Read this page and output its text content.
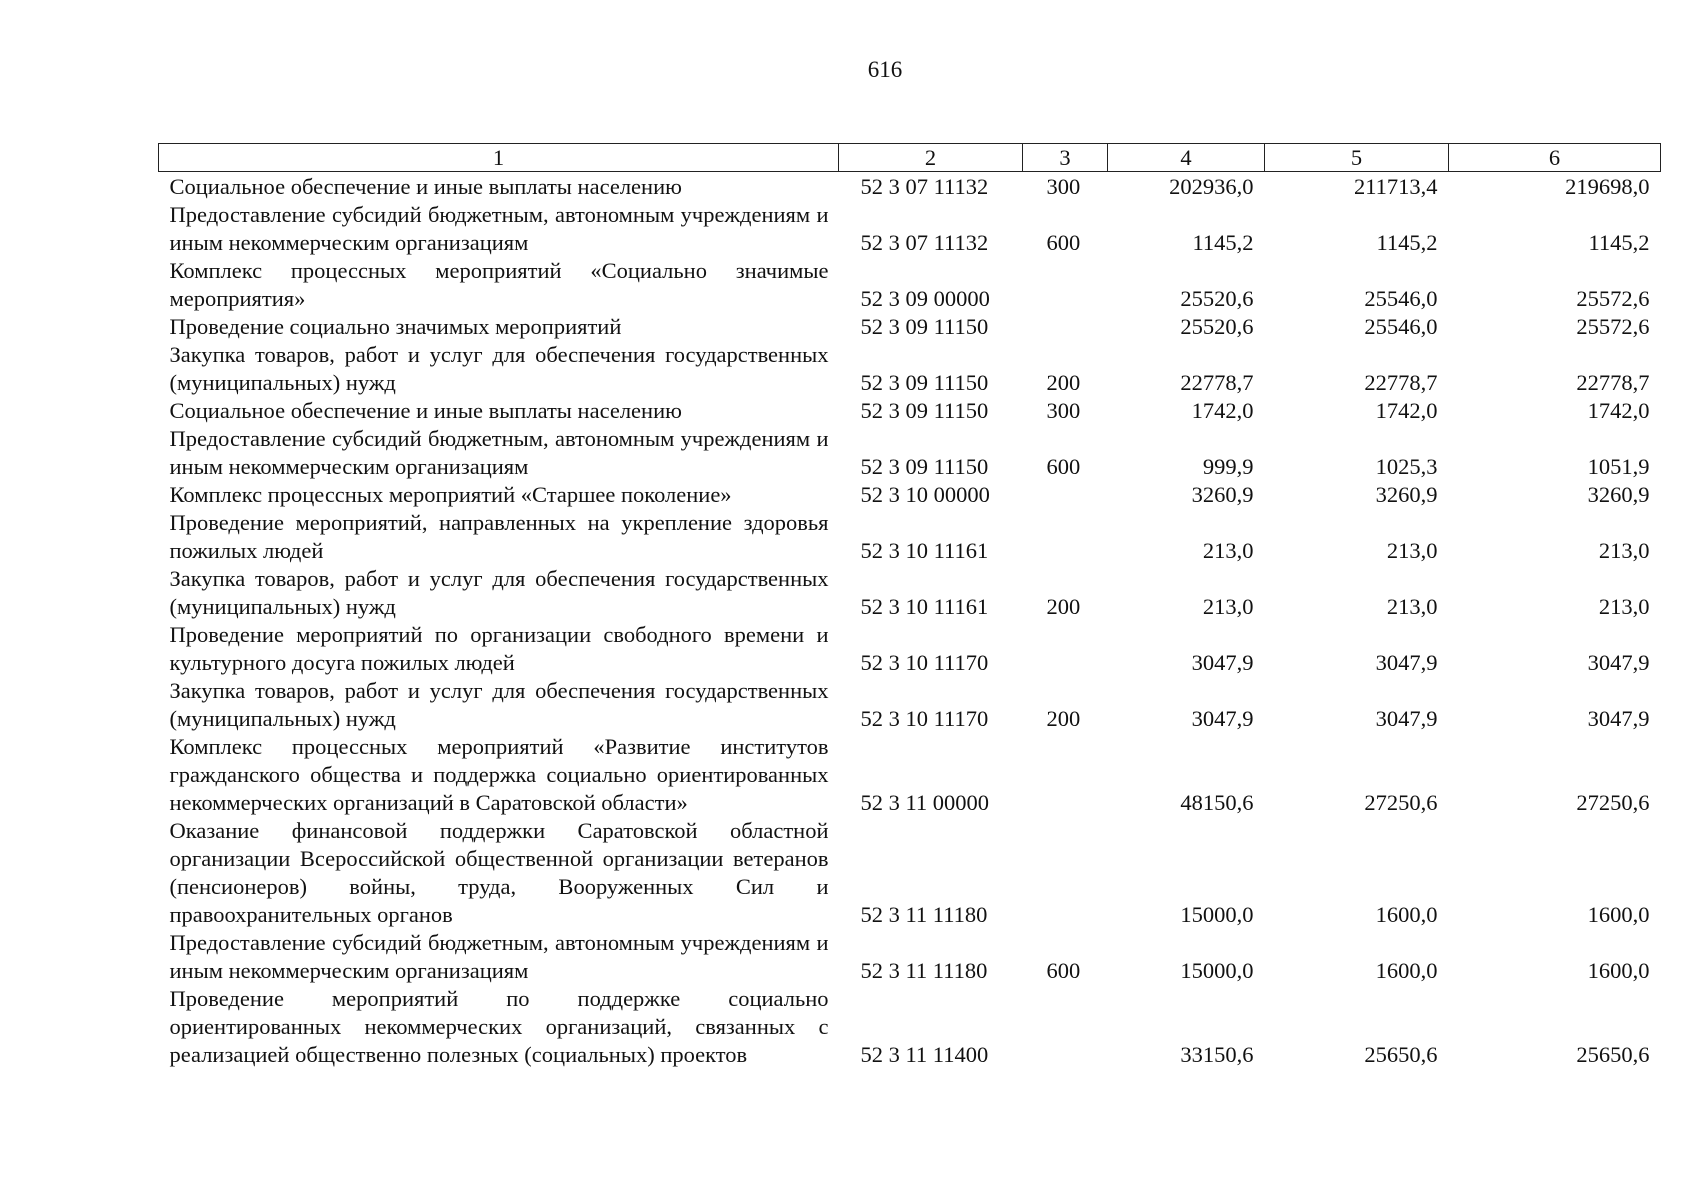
616
1	2	3	4	5	6
Социальное обеспечение и иные выплаты населению	52 3 07 11132	300	202936,0	211713,4	219698,0
Предоставление субсидий бюджетным, автономным учреждениям и иным некоммерческим организациям	52 3 07 11132	600	1145,2	1145,2	1145,2
Комплекс процессных мероприятий «Социально значимые мероприятия»	52 3 09 00000		25520,6	25546,0	25572,6
Проведение социально значимых мероприятий	52 3 09 11150		25520,6	25546,0	25572,6
Закупка товаров, работ и услуг для обеспечения государственных (муниципальных) нужд	52 3 09 11150	200	22778,7	22778,7	22778,7
Социальное обеспечение и иные выплаты населению	52 3 09 11150	300	1742,0	1742,0	1742,0
Предоставление субсидий бюджетным, автономным учреждениям и иным некоммерческим организациям	52 3 09 11150	600	999,9	1025,3	1051,9
Комплекс процессных мероприятий «Старшее поколение»	52 3 10 00000		3260,9	3260,9	3260,9
Проведение мероприятий, направленных на укрепление здоровья пожилых людей	52 3 10 11161		213,0	213,0	213,0
Закупка товаров, работ и услуг для обеспечения государственных (муниципальных) нужд	52 3 10 11161	200	213,0	213,0	213,0
Проведение мероприятий по организации свободного времени и культурного досуга пожилых людей	52 3 10 11170		3047,9	3047,9	3047,9
Закупка товаров, работ и услуг для обеспечения государственных (муниципальных) нужд	52 3 10 11170	200	3047,9	3047,9	3047,9
Комплекс процессных мероприятий «Развитие институтов гражданского общества и поддержка социально ориентированных некоммерческих организаций в Саратовской области»	52 3 11 00000		48150,6	27250,6	27250,6
Оказание финансовой поддержки Саратовской областной организации Всероссийской общественной организации ветеранов (пенсионеров) войны, труда, Вооруженных Сил и правоохранительных органов	52 3 11 11180		15000,0	1600,0	1600,0
Предоставление субсидий бюджетным, автономным учреждениям и иным некоммерческим организациям	52 3 11 11180	600	15000,0	1600,0	1600,0
Проведение мероприятий по поддержке социально ориентированных некоммерческих организаций, связанных с реализацией общественно полезных (социальных) проектов	52 3 11 11400		33150,6	25650,6	25650,6
